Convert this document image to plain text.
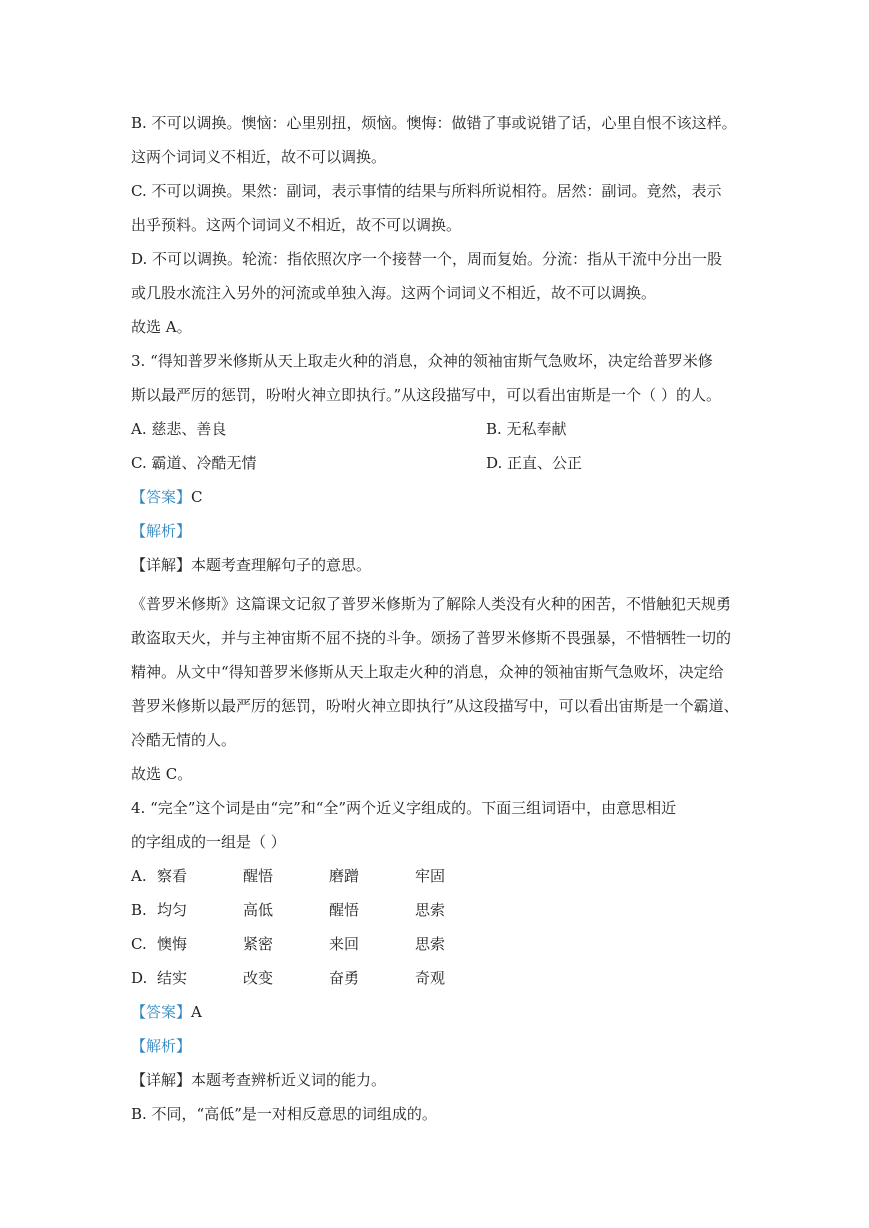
B. 不可以调换。懊恼：心里别扭，烦恼。懊悔：做错了事或说错了话，心里自恨不该这样。
这两个词词义不相近，故不可以调换。
C. 不可以调换。果然：副词，表示事情的结果与所料所说相符。居然：副词。竟然，表示
出乎预料。这两个词词义不相近，故不可以调换。
D. 不可以调换。轮流：指依照次序一个接替一个，周而复始。分流：指从干流中分出一股
或几股水流注入另外的河流或单独入海。这两个词词义不相近，故不可以调换。
故选 A。
3. “得知普罗米修斯从天上取走火种的消息，众神的领袖宙斯气急败坏，决定给普罗米修
斯以最严厉的惩罚，吩咐火神立即执行。”从这段描写中，可以看出宙斯是一个（ ）的人。
A. 慈悲、善良	B. 无私奉献
C. 霸道、冷酷无情	D. 正直、公正
【答案】C
【解析】
【详解】本题考查理解句子的意思。
《普罗米修斯》这篇课文记叙了普罗米修斯为了解除人类没有火种的困苦，不惜触犯天规勇
敢盗取天火，并与主神宙斯不屈不挠的斗争。颂扬了普罗米修斯不畏强暴，不惜牺牲一切的
精神。从文中“得知普罗米修斯从天上取走火种的消息，众神的领袖宙斯气急败坏，决定给
普罗米修斯以最严厉的惩罚，吩咐火神立即执行”从这段描写中，可以看出宙斯是一个霸道、
冷酷无情的人。
故选 C。
4. “完全”这个词是由“完”和“全”两个近义字组成的。下面三组词语中，由意思相近
的字组成的一组是（ ）
A. 察看	醒悟	磨蹭	牢固
B. 均匀	高低	醒悟	思索
C. 懊悔	紧密	来回	思索
D. 结实	改变	奋勇	奇观
【答案】A
【解析】
【详解】本题考查辨析近义词的能力。
B. 不同，“高低”是一对相反意思的词组成的。
